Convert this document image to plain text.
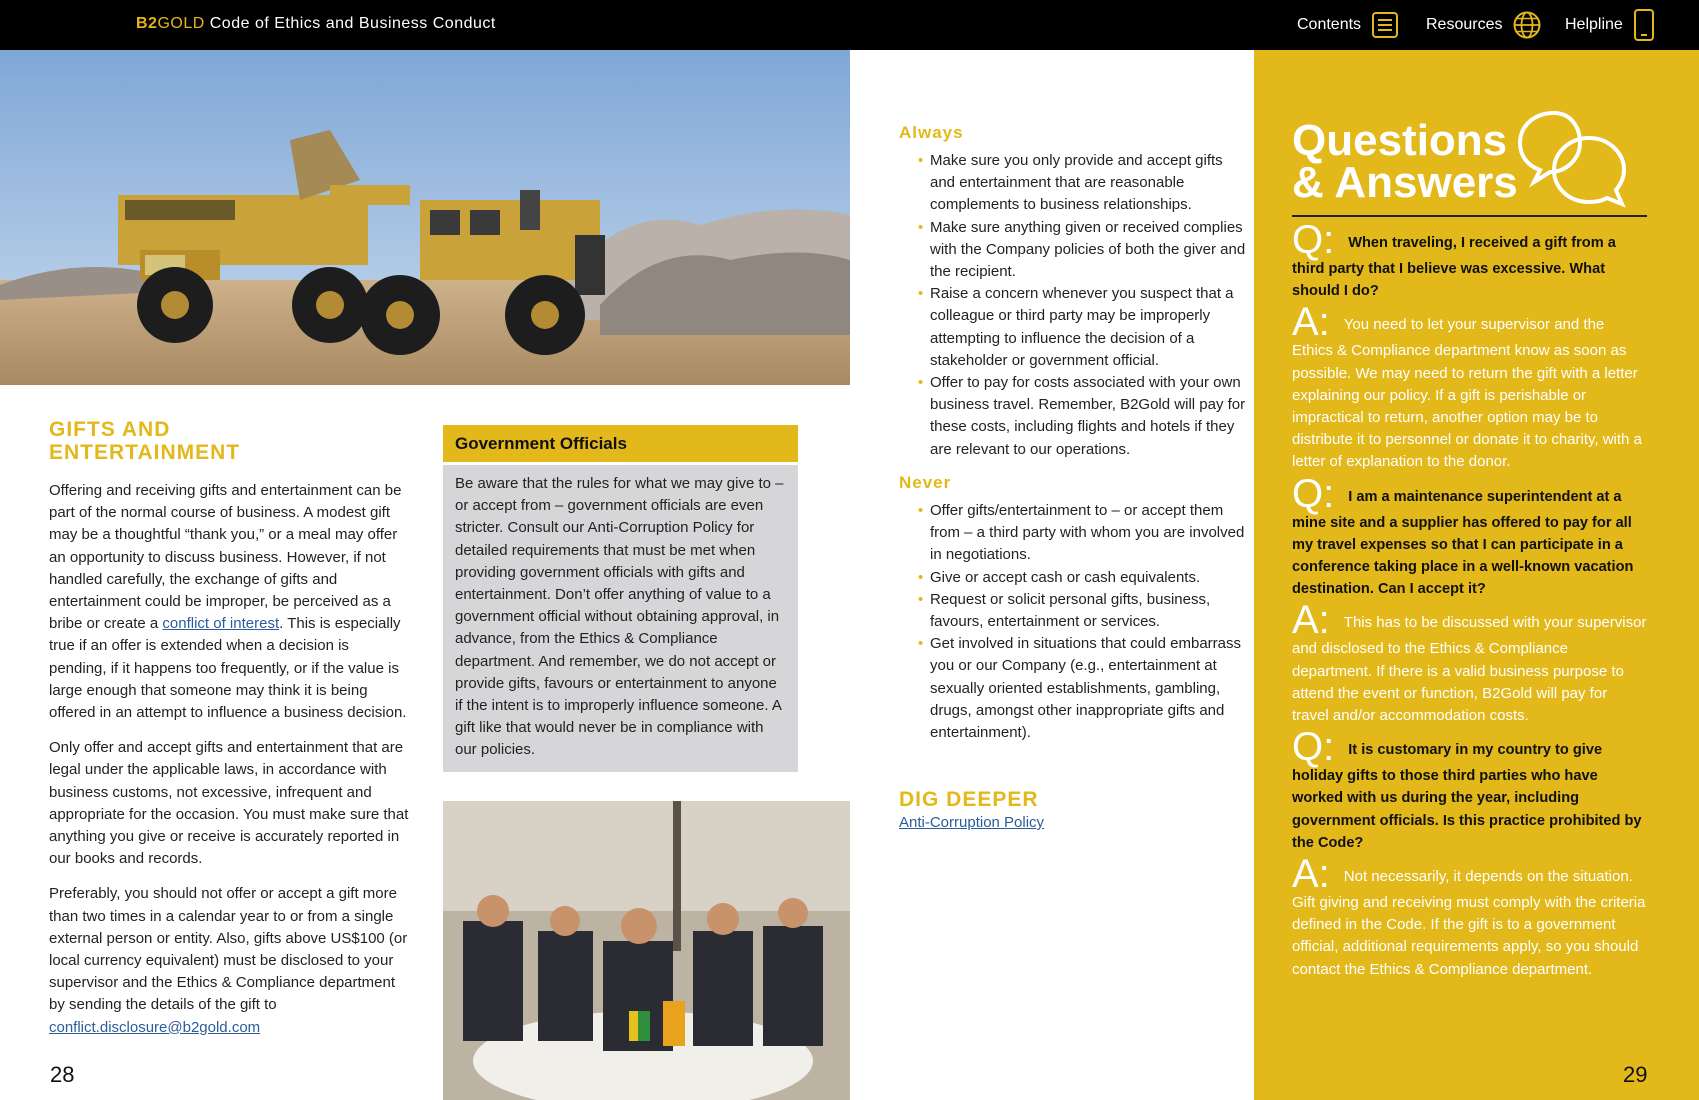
B2GOLD Code of Ethics and Business Conduct	Contents	Resources	Helpline
GIFTS AND
ENTERTAINMENT

Offering and receiving gifts and entertainment can be part of the normal course of business. A modest gift may be a thoughtful “thank you,” or a meal may offer an opportunity to discuss business. However, if not handled carefully, the exchange of gifts and entertainment could be improper, be perceived as a bribe or create a conflict of interest. This is especially true if an offer is extended when a decision is pending, if it happens too frequently, or if the value is large enough that someone may think it is being offered in an attempt to influence a business decision.

Only offer and accept gifts and entertainment that are legal under the applicable laws, in accordance with business customs, not excessive, infrequent and appropriate for the occasion. You must make sure that anything you give or receive is accurately reported in our books and records.

Preferably, you should not offer or accept a gift more than two times in a calendar year to or from a single external person or entity. Also, gifts above US$100 (or local currency equivalent) must be disclosed to your supervisor and the Ethics & Compliance department by sending the details of the gift to conflict.disclosure@b2gold.com

28
Government Officials
Be aware that the rules for what we may give to – or accept from – government officials are even stricter. Consult our Anti-Corruption Policy for detailed requirements that must be met when providing government officials with gifts and entertainment. Don’t offer anything of value to a government official without obtaining approval, in advance, from the Ethics & Compliance department. And remember, we do not accept or provide gifts, favours or entertainment to anyone if the intent is to improperly influence someone. A gift like that would never be in compliance with our policies.
Always
• Make sure you only provide and accept gifts and entertainment that are reasonable complements to business relationships.
• Make sure anything given or received complies with the Company policies of both the giver and the recipient.
• Raise a concern whenever you suspect that a colleague or third party may be improperly attempting to influence the decision of a stakeholder or government official.
• Offer to pay for costs associated with your own business travel. Remember, B2Gold will pay for these costs, including flights and hotels if they are relevant to our operations.
Never
• Offer gifts/entertainment to – or accept them from – a third party with whom you are involved in negotiations.
• Give or accept cash or cash equivalents.
• Request or solicit personal gifts, business, favours, entertainment or services.
• Get involved in situations that could embarrass you or our Company (e.g., entertainment at sexually oriented establishments, gambling, drugs, amongst other inappropriate gifts and entertainment).
DIG DEEPER
Anti-Corruption Policy
Questions
& Answers

Q: When traveling, I received a gift from a third party that I believe was excessive. What should I do?

A: You need to let your supervisor and the Ethics & Compliance department know as soon as possible. We may need to return the gift with a letter explaining our policy. If a gift is perishable or impractical to return, another option may be to distribute it to personnel or donate it to charity, with a letter of explanation to the donor.

Q: I am a maintenance superintendent at a mine site and a supplier has offered to pay for all my travel expenses so that I can participate in a conference taking place in a well-known vacation destination. Can I accept it?

A: This has to be discussed with your supervisor and disclosed to the Ethics & Compliance department. If there is a valid business purpose to attend the event or function, B2Gold will pay for travel and/or accommodation costs.

Q: It is customary in my country to give holiday gifts to those third parties who have worked with us during the year, including government officials. Is this practice prohibited by the Code?

A: Not necessarily, it depends on the situation. Gift giving and receiving must comply with the criteria defined in the Code. If the gift is to a government official, additional requirements apply, so you should contact the Ethics & Compliance department.

29
